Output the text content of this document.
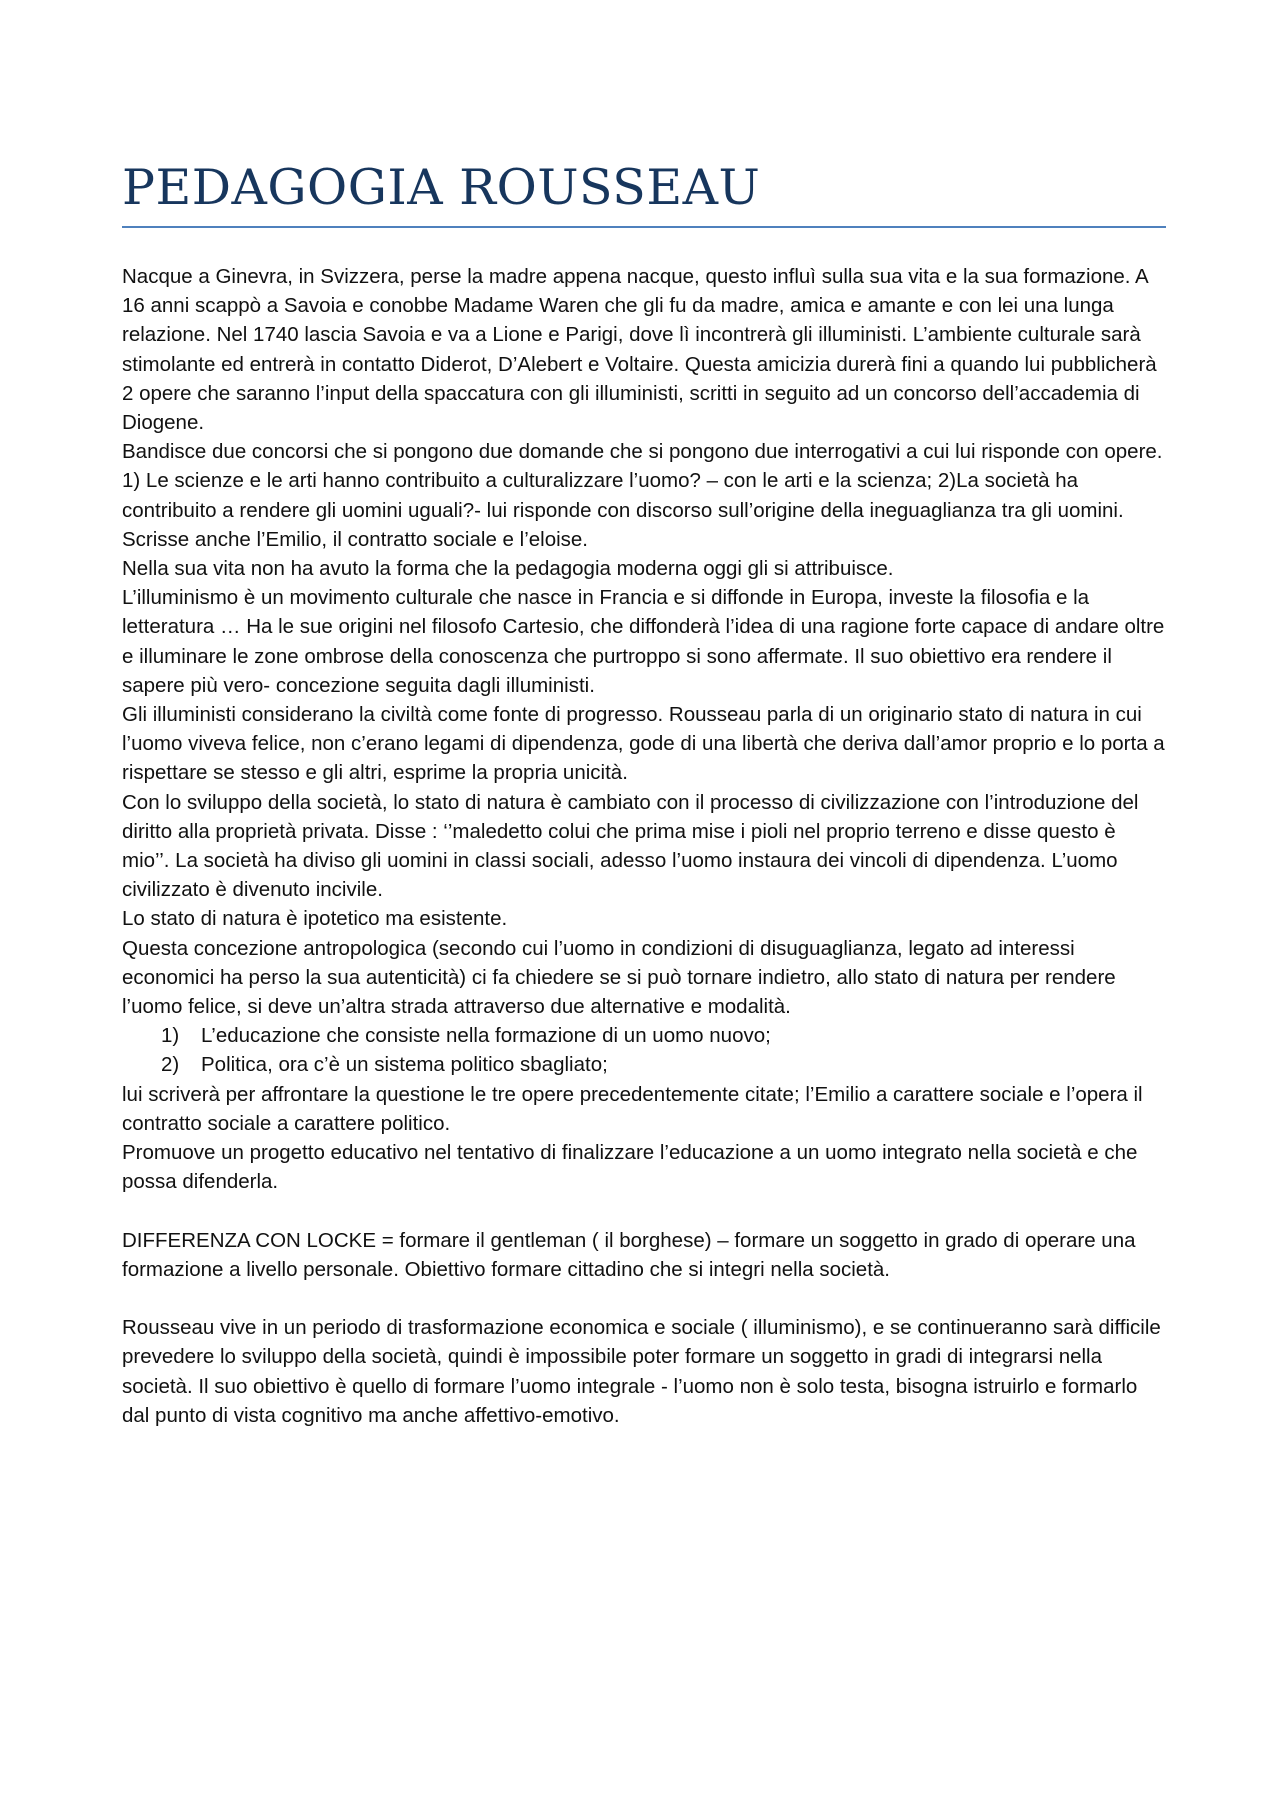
PEDAGOGIA ROUSSEAU

Nacque a Ginevra, in Svizzera, perse la madre appena nacque, questo influì sulla sua vita e la sua formazione. A 16 anni scappò a Savoia e conobbe Madame Waren che gli fu da madre, amica e amante e con lei una lunga relazione. Nel 1740 lascia Savoia e va a Lione e Parigi, dove lì incontrerà gli illuministi. L’ambiente culturale sarà stimolante ed entrerà in contatto Diderot, D’Alebert e Voltaire. Questa amicizia durerà fini a quando lui pubblicherà 2 opere che saranno l’input della spaccatura con gli illuministi, scritti in seguito ad un concorso dell’accademia di Diogene.

Bandisce due concorsi che si pongono due domande che si pongono due interrogativi a cui lui risponde con opere. 1) Le scienze e le arti hanno contribuito a culturalizzare l’uomo? – con le arti e la scienza; 2)La società ha contribuito a rendere gli uomini uguali?- lui risponde con discorso sull’origine della ineguaglianza tra gli uomini. Scrisse anche l’Emilio, il contratto sociale e l’eloise.

Nella sua vita non ha avuto la forma che la pedagogia moderna oggi gli si attribuisce.

L’illuminismo è un movimento culturale che nasce in Francia e si diffonde in Europa, investe la filosofia e la letteratura … Ha le sue origini nel filosofo Cartesio, che diffonderà l’idea di una ragione forte capace di andare oltre e illuminare le zone ombrose della conoscenza che purtroppo si sono affermate. Il suo obiettivo era rendere il sapere più vero- concezione seguita dagli illuministi.

Gli illuministi considerano la civiltà come fonte di progresso. Rousseau parla di un originario stato di natura in cui l’uomo viveva felice, non c’erano legami di dipendenza, gode di una libertà che deriva dall’amor proprio e lo porta a rispettare se stesso e gli altri, esprime la propria unicità.

Con lo sviluppo della società, lo stato di natura è cambiato con il processo di civilizzazione con l’introduzione del diritto alla proprietà privata. Disse : ‘’maledetto colui che prima mise i pioli nel proprio terreno e disse questo è mio’’. La società ha diviso gli uomini in classi sociali, adesso l’uomo instaura dei vincoli di dipendenza. L’uomo civilizzato è divenuto incivile.

Lo stato di natura è ipotetico ma esistente.

Questa concezione antropologica (secondo cui l’uomo in condizioni di disuguaglianza, legato ad interessi economici ha perso la sua autenticità) ci fa chiedere se si può tornare indietro, allo stato di natura per rendere l’uomo felice, si deve un’altra strada attraverso due alternative e modalità.

1)	L’educazione che consiste nella formazione di un uomo nuovo;
2)	Politica, ora c’è un sistema politico sbagliato;

lui scriverà per affrontare la questione le tre opere precedentemente citate; l’Emilio a carattere sociale e l’opera il contratto sociale a carattere politico.

Promuove un progetto educativo nel tentativo di finalizzare l’educazione a un uomo integrato nella società e che possa difenderla.

DIFFERENZA CON LOCKE = formare il gentleman ( il borghese) – formare un soggetto in grado di operare una formazione a livello personale. Obiettivo formare cittadino che si integri nella società.

Rousseau vive in un periodo di trasformazione economica e sociale ( illuminismo), e se continueranno sarà difficile prevedere lo sviluppo della società, quindi è impossibile poter formare un soggetto in gradi di integrarsi nella società. Il suo obiettivo è quello di formare l’uomo integrale - l’uomo non è solo testa, bisogna istruirlo e formarlo dal punto di vista cognitivo ma anche affettivo-emotivo.
